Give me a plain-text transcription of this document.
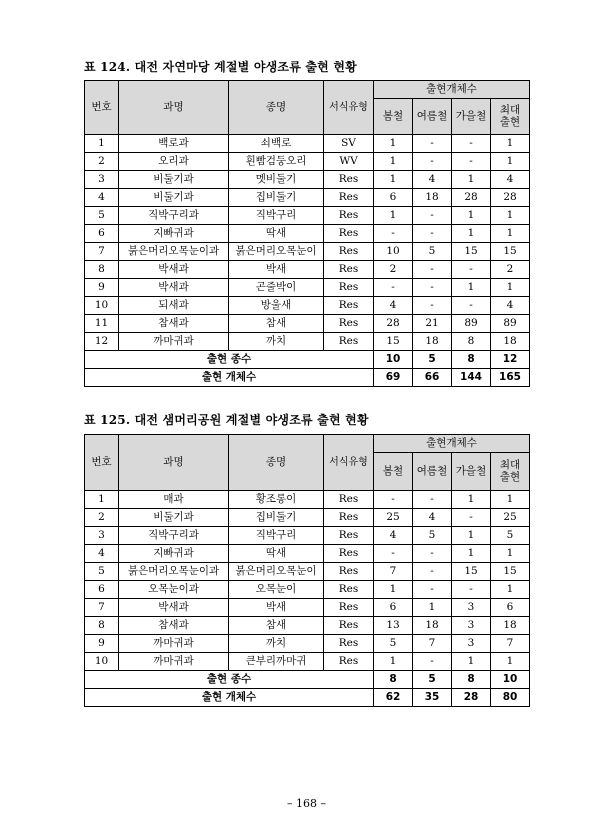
표 124. 대전 자연마당 계절별 야생조류 출현 현황
번호	과명	종명	서식유형	출현개체수			
				봄철	여름철	가을철	최대
출현
1	백로과	쇠백로	SV	1	-	-	1
2	오리과	흰빰검둥오리	WV	1	-	-	1
3	비둘기과	멧비둘기	Res	1	4	1	4
4	비둘기과	집비둘기	Res	6	18	28	28
5	직박구리과	직박구리	Res	1	-	1	1
6	지빠귀과	딱새	Res	-	-	1	1
7	붉은머리오목눈이과	붉은머리오목눈이	Res	10	5	15	15
8	박새과	박새	Res	2	-	-	2
9	박새과	곤줄박이	Res	-	-	1	1
10	되새과	방울새	Res	4	-	-	4
11	참새과	참새	Res	28	21	89	89
12	까마귀과	까치	Res	15	18	8	18
출현 종수				10	5	8	12
출현 개체수				69	66	144	165
표 125. 대전 샘머리공원 계절별 야생조류 출현 현황
번호	과명	종명	서식유형	출현개체수			
				봄철	여름철	가을철	최대
출현
1	매과	황조롱이	Res	-	-	1	1
2	비둘기과	집비둘기	Res	25	4	-	25
3	직박구리과	직박구리	Res	4	5	1	5
4	지빠귀과	딱새	Res	-	-	1	1
5	붉은머리오목눈이과	붉은머리오목눈이	Res	7	-	15	15
6	오목눈이과	오목눈이	Res	1	-	-	1
7	박새과	박새	Res	6	1	3	6
8	참새과	참새	Res	13	18	3	18
9	까마귀과	까치	Res	5	7	3	7
10	까마귀과	큰부리까마귀	Res	1	-	1	1
출현 종수				8	5	8	10
출현 개체수				62	35	28	80
– 168 –
